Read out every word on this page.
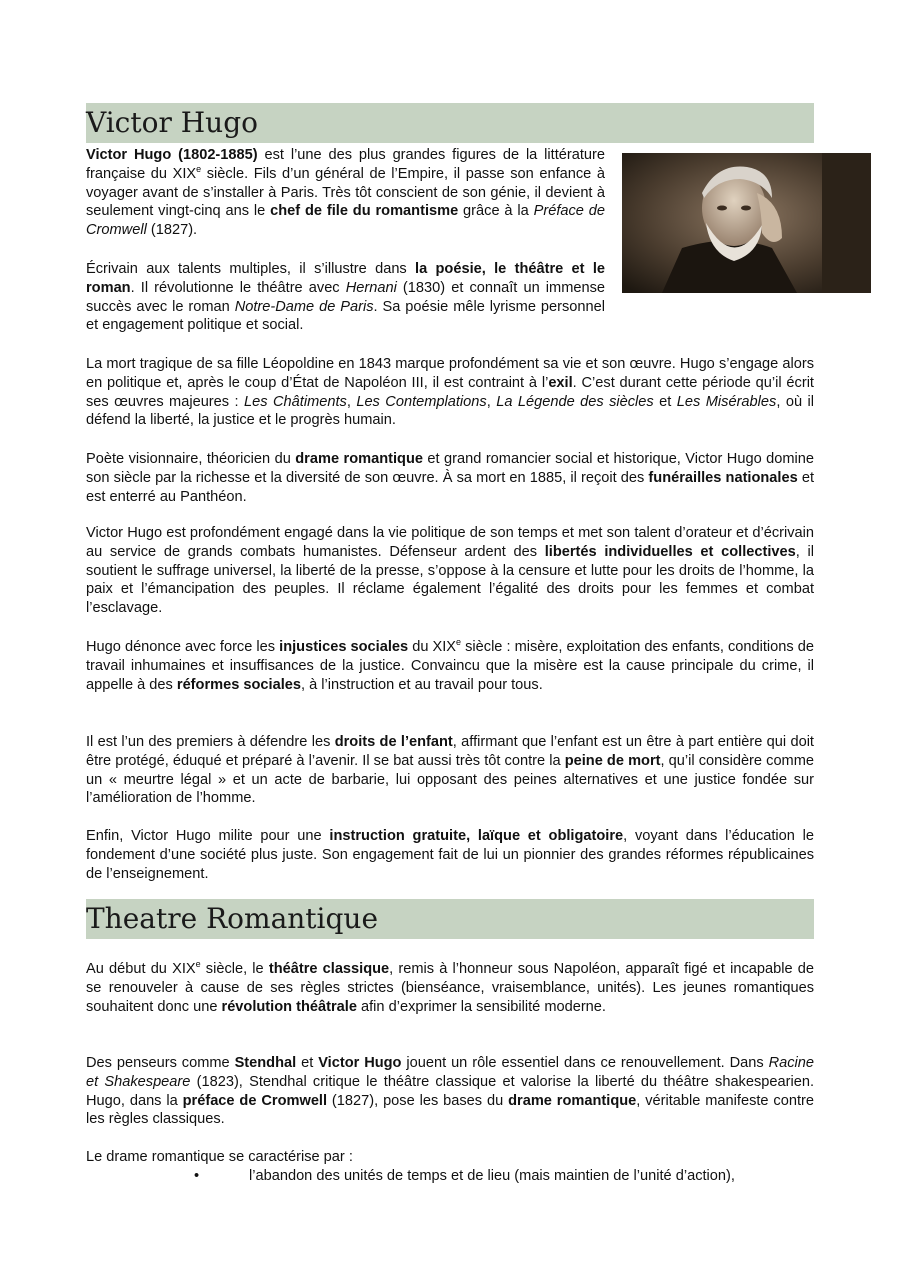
Victor Hugo

Victor Hugo (1802-1885) est l’une des plus grandes figures de la littérature française du XIXe siècle. Fils d’un général de l’Empire, il passe son enfance à voyager avant de s’installer à Paris. Très tôt conscient de son génie, il devient à seulement vingt-cinq ans le chef de file du romantisme grâce à la Préface de Cromwell (1827).

Écrivain aux talents multiples, il s’illustre dans la poésie, le théâtre et le roman. Il révolutionne le théâtre avec Hernani (1830) et connaît un immense succès avec le roman Notre-Dame de Paris. Sa poésie mêle lyrisme personnel et engagement politique et social.

La mort tragique de sa fille Léopoldine en 1843 marque profondément sa vie et son œuvre. Hugo s’engage alors en politique et, après le coup d’État de Napoléon III, il est contraint à l’exil. C’est durant cette période qu’il écrit ses œuvres majeures : Les Châtiments, Les Contemplations, La Légende des siècles et Les Misérables, où il défend la liberté, la justice et le progrès humain.

Poète visionnaire, théoricien du drame romantique et grand romancier social et historique, Victor Hugo domine son siècle par la richesse et la diversité de son œuvre. À sa mort en 1885, il reçoit des funérailles nationales et est enterré au Panthéon.

Victor Hugo est profondément engagé dans la vie politique de son temps et met son talent d’orateur et d’écrivain au service de grands combats humanistes. Défenseur ardent des libertés individuelles et collectives, il soutient le suffrage universel, la liberté de la presse, s’oppose à la censure et lutte pour les droits de l’homme, la paix et l’émancipation des peuples. Il réclame également l’égalité des droits pour les femmes et combat l’esclavage.

Hugo dénonce avec force les injustices sociales du XIXe siècle : misère, exploitation des enfants, conditions de travail inhumaines et insuffisances de la justice. Convaincu que la misère est la cause principale du crime, il appelle à des réformes sociales, à l’instruction et au travail pour tous.

Il est l’un des premiers à défendre les droits de l’enfant, affirmant que l’enfant est un être à part entière qui doit être protégé, éduqué et préparé à l’avenir. Il se bat aussi très tôt contre la peine de mort, qu’il considère comme un « meurtre légal » et un acte de barbarie, lui opposant des peines alternatives et une justice fondée sur l’amélioration de l’homme.

Enfin, Victor Hugo milite pour une instruction gratuite, laïque et obligatoire, voyant dans l’éducation le fondement d’une société plus juste. Son engagement fait de lui un pionnier des grandes réformes républicaines de l’enseignement.

Theatre Romantique

Au début du XIXe siècle, le théâtre classique, remis à l’honneur sous Napoléon, apparaît figé et incapable de se renouveler à cause de ses règles strictes (bienséance, vraisemblance, unités). Les jeunes romantiques souhaitent donc une révolution théâtrale afin d’exprimer la sensibilité moderne.

Des penseurs comme Stendhal et Victor Hugo jouent un rôle essentiel dans ce renouvellement. Dans Racine et Shakespeare (1823), Stendhal critique le théâtre classique et valorise la liberté du théâtre shakespearien. Hugo, dans la préface de Cromwell (1827), pose les bases du drame romantique, véritable manifeste contre les règles classiques.

Le drame romantique se caractérise par :

•	l’abandon des unités de temps et de lieu (mais maintien de l’unité d’action),
